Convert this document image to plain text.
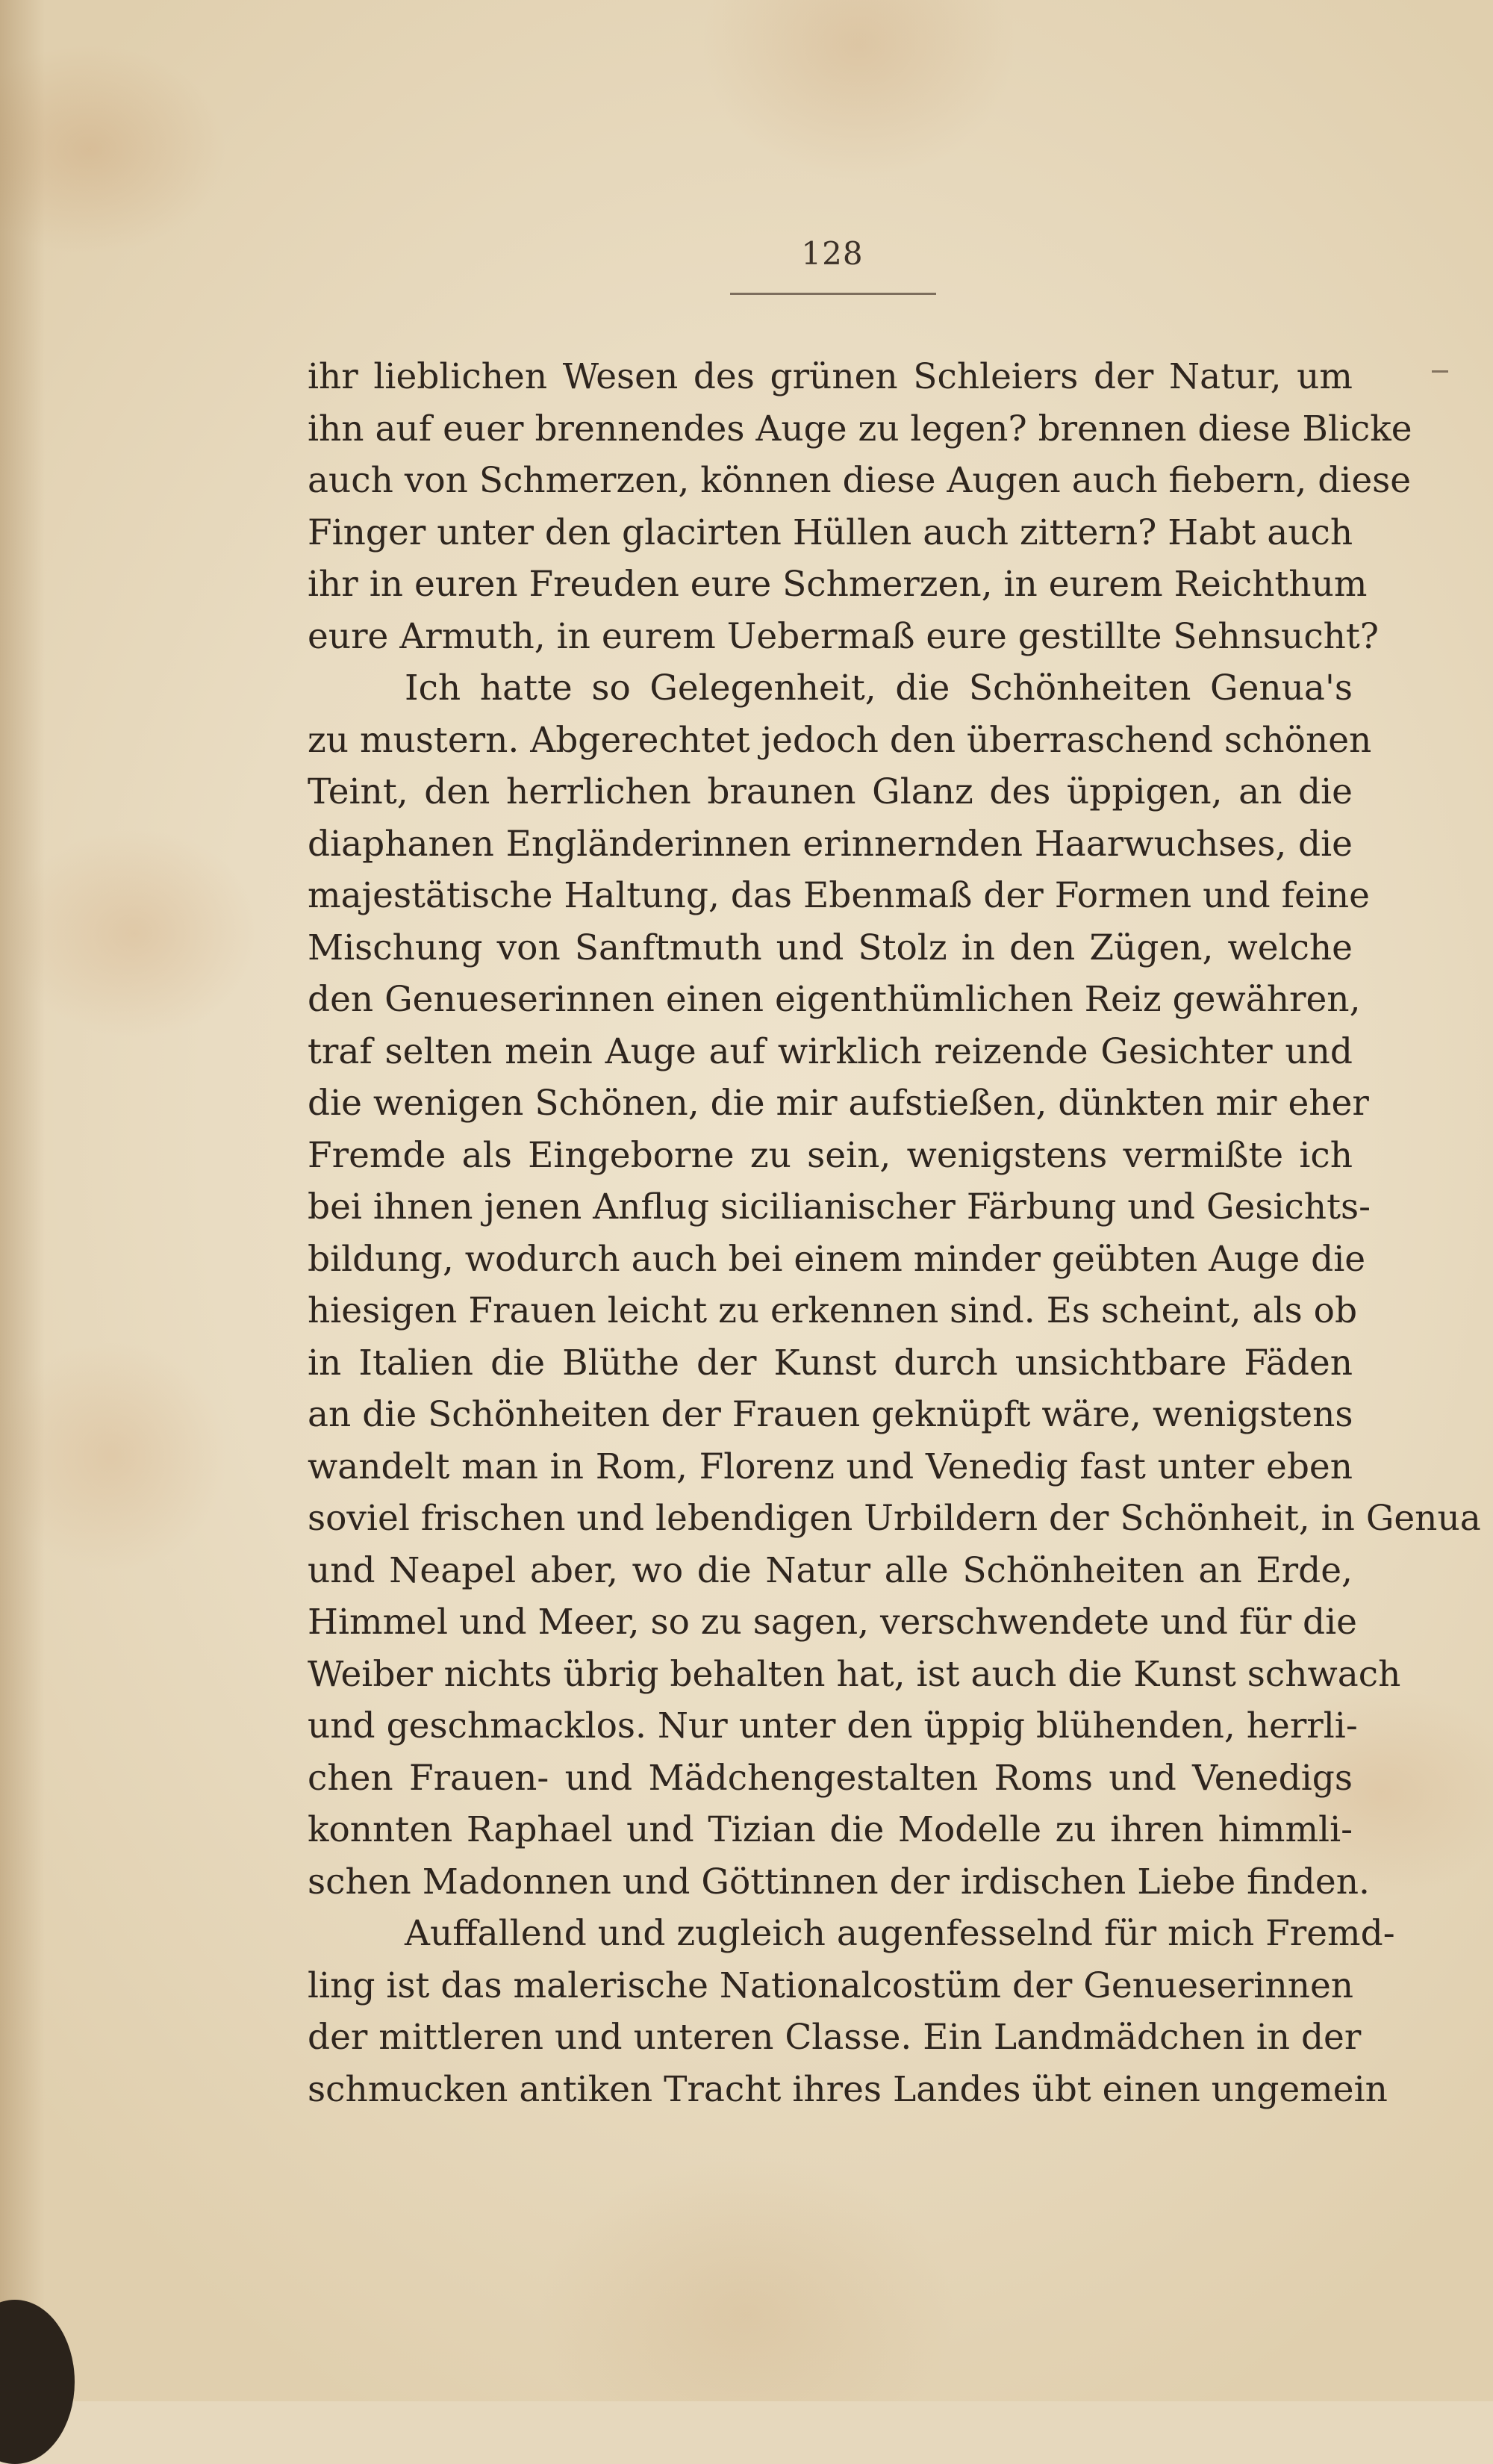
128
ihr lieblichen Wesen des grünen Schleiers der Natur, um
ihn auf euer brennendes Auge zu legen? brennen diese Blicke
auch von Schmerzen, können diese Augen auch fiebern, diese
Finger unter den glacirten Hüllen auch zittern? Habt auch
ihr in euren Freuden eure Schmerzen, in eurem Reichthum
eure Armuth, in eurem Uebermaß eure gestillte Sehnsucht?
Ich hatte so Gelegenheit, die Schönheiten Genua's
zu mustern. Abgerechtet jedoch den überraschend schönen
Teint, den herrlichen braunen Glanz des üppigen, an die
diaphanen Engländerinnen erinnernden Haarwuchses, die
majestätische Haltung, das Ebenmaß der Formen und feine
Mischung von Sanftmuth und Stolz in den Zügen, welche
den Genueserinnen einen eigenthümlichen Reiz gewähren,
traf selten mein Auge auf wirklich reizende Gesichter und
die wenigen Schönen, die mir aufstießen, dünkten mir eher
Fremde als Eingeborne zu sein, wenigstens vermißte ich
bei ihnen jenen Anflug sicilianischer Färbung und Gesichts-
bildung, wodurch auch bei einem minder geübten Auge die
hiesigen Frauen leicht zu erkennen sind. Es scheint, als ob
in Italien die Blüthe der Kunst durch unsichtbare Fäden
an die Schönheiten der Frauen geknüpft wäre, wenigstens
wandelt man in Rom, Florenz und Venedig fast unter eben
soviel frischen und lebendigen Urbildern der Schönheit, in Genua
und Neapel aber, wo die Natur alle Schönheiten an Erde,
Himmel und Meer, so zu sagen, verschwendete und für die
Weiber nichts übrig behalten hat, ist auch die Kunst schwach
und geschmacklos. Nur unter den üppig blühenden, herrli-
chen Frauen- und Mädchengestalten Roms und Venedigs
konnten Raphael und Tizian die Modelle zu ihren himmli-
schen Madonnen und Göttinnen der irdischen Liebe finden.
Auffallend und zugleich augenfesselnd für mich Fremd-
ling ist das malerische Nationalcostüm der Genueserinnen
der mittleren und unteren Classe. Ein Landmädchen in der
schmucken antiken Tracht ihres Landes übt einen ungemein
